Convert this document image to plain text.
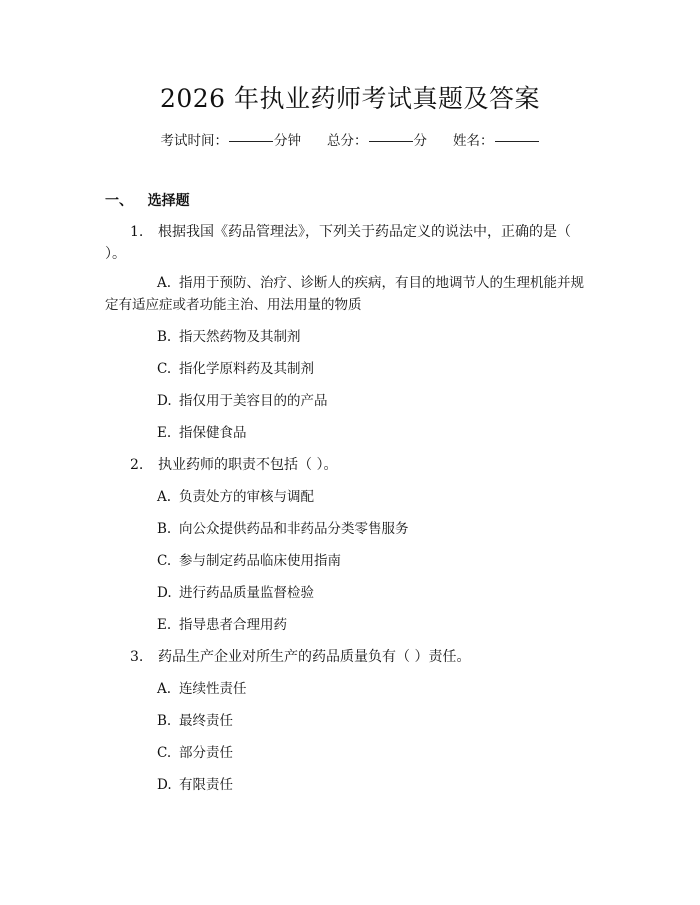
2026 年执业药师考试真题及答案
考试时间：	分钟 总分：	分 姓名：
一、 选择题
1. 根据我国《药品管理法》，下列关于药品定义的说法中，正确的是（ ）。
A. 指用于预防、治疗、诊断人的疾病，有目的地调节人的生理机能并规定有适应症或者功能主治、用法用量的物质
B. 指天然药物及其制剂
C. 指化学原料药及其制剂
D. 指仅用于美容目的的产品
E. 指保健食品
2. 执业药师的职责不包括（ ）。
A. 负责处方的审核与调配
B. 向公众提供药品和非药品分类零售服务
C. 参与制定药品临床使用指南
D. 进行药品质量监督检验
E. 指导患者合理用药
3. 药品生产企业对所生产的药品质量负有（ ）责任。
A. 连续性责任
B. 最终责任
C. 部分责任
D. 有限责任
